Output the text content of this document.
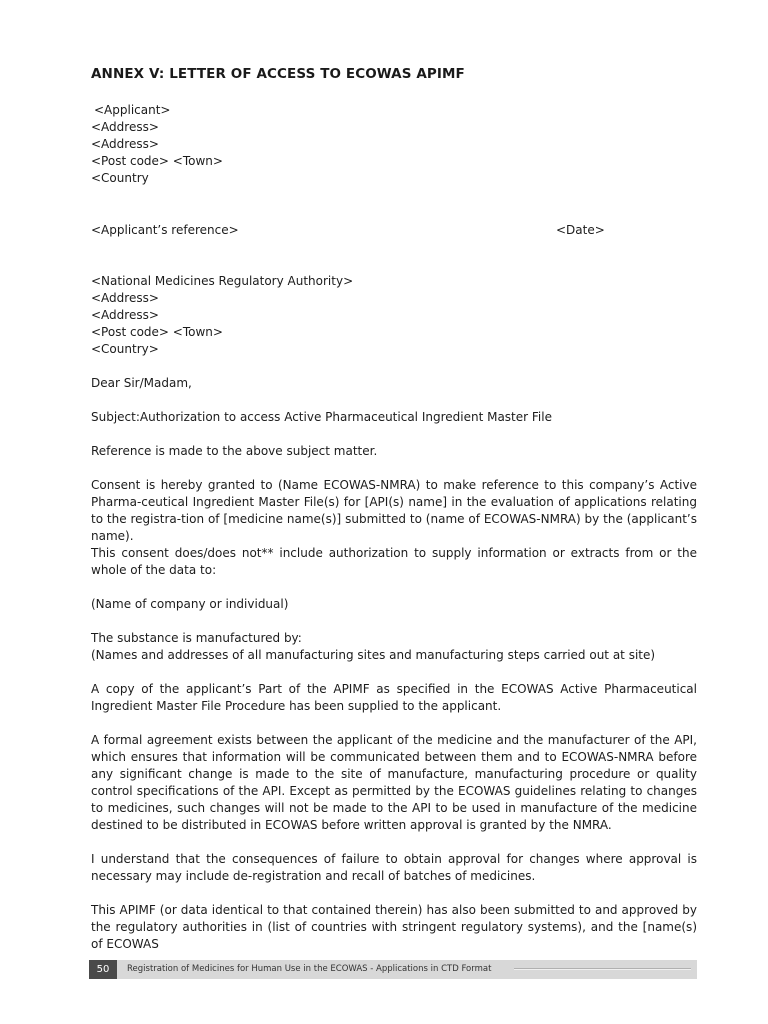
ANNEX V: LETTER OF ACCESS TO ECOWAS APIMF
<Applicant>
<Address>
<Address>
<Post code> <Town>
<Country
<Applicant’s reference>	<Date>
<National Medicines Regulatory Authority>
<Address>
<Address>
<Post code> <Town>
<Country>
Dear Sir/Madam,
Subject:Authorization to access Active Pharmaceutical Ingredient Master File
Reference is made to the above subject matter.
Consent is hereby granted to (Name ECOWAS-NMRA) to make reference to this company’s Active Pharma-ceutical Ingredient Master File(s) for [API(s) name] in the evaluation of applications relating to the registra-tion of [medicine name(s)] submitted to (name of ECOWAS-NMRA) by the (applicant’s name).
This consent does/does not** include authorization to supply information or extracts from or the whole of the data to:
(Name of company or individual)
The substance is manufactured by:
(Names and addresses of all manufacturing sites and manufacturing steps carried out at site)
A copy of the applicant’s Part of the APIMF as specified in the ECOWAS Active Pharmaceutical Ingredient Master File Procedure has been supplied to the applicant.
A formal agreement exists between the applicant of the medicine and the manufacturer of the API, which ensures that information will be communicated between them and to ECOWAS-NMRA before any significant change is made to the site of manufacture, manufacturing procedure or quality control specifications of the API. Except as permitted by the ECOWAS guidelines relating to changes to medicines, such changes will not be made to the API to be used in manufacture of the medicine destined to be distributed in ECOWAS before written approval is granted by the NMRA.
I understand that the consequences of failure to obtain approval for changes where approval is necessary may include de-registration and recall of batches of medicines.
This APIMF (or data identical to that contained therein) has also been submitted to and approved by the regulatory authorities in (list of countries with stringent regulatory systems), and the [name(s) of ECOWAS
50	Registration of Medicines for Human Use in the ECOWAS - Applications in CTD Format
